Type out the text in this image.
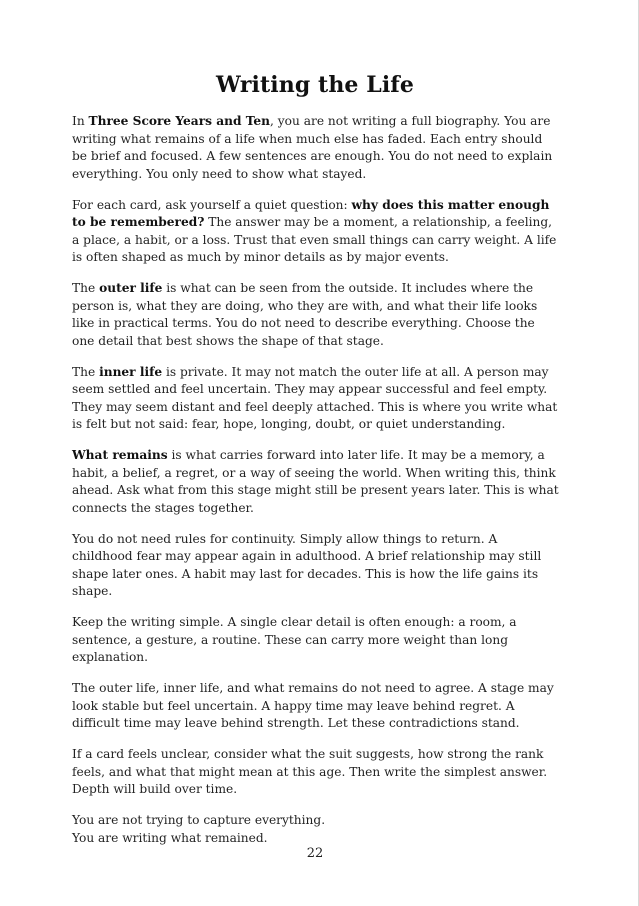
Writing the Life

In Three Score Years and Ten, you are not writing a full biography. You are writing what remains of a life when much else has faded. Each entry should be brief and focused. A few sentences are enough. You do not need to explain everything. You only need to show what stayed.

For each card, ask yourself a quiet question: why does this matter enough to be remembered? The answer may be a moment, a relationship, a feeling, a place, a habit, or a loss. Trust that even small things can carry weight. A life is often shaped as much by minor details as by major events.

The outer life is what can be seen from the outside. It includes where the person is, what they are doing, who they are with, and what their life looks like in practical terms. You do not need to describe everything. Choose the one detail that best shows the shape of that stage.

The inner life is private. It may not match the outer life at all. A person may seem settled and feel uncertain. They may appear successful and feel empty. They may seem distant and feel deeply attached. This is where you write what is felt but not said: fear, hope, longing, doubt, or quiet understanding.

What remains is what carries forward into later life. It may be a memory, a habit, a belief, a regret, or a way of seeing the world. When writing this, think ahead. Ask what from this stage might still be present years later. This is what connects the stages together.

You do not need rules for continuity. Simply allow things to return. A childhood fear may appear again in adulthood. A brief relationship may still shape later ones. A habit may last for decades. This is how the life gains its shape.

Keep the writing simple. A single clear detail is often enough: a room, a sentence, a gesture, a routine. These can carry more weight than long explanation.

The outer life, inner life, and what remains do not need to agree. A stage may look stable but feel uncertain. A happy time may leave behind regret. A difficult time may leave behind strength. Let these contradictions stand.

If a card feels unclear, consider what the suit suggests, how strong the rank feels, and what that might mean at this age. Then write the simplest answer. Depth will build over time.

You are not trying to capture everything.
You are writing what remained.

22
